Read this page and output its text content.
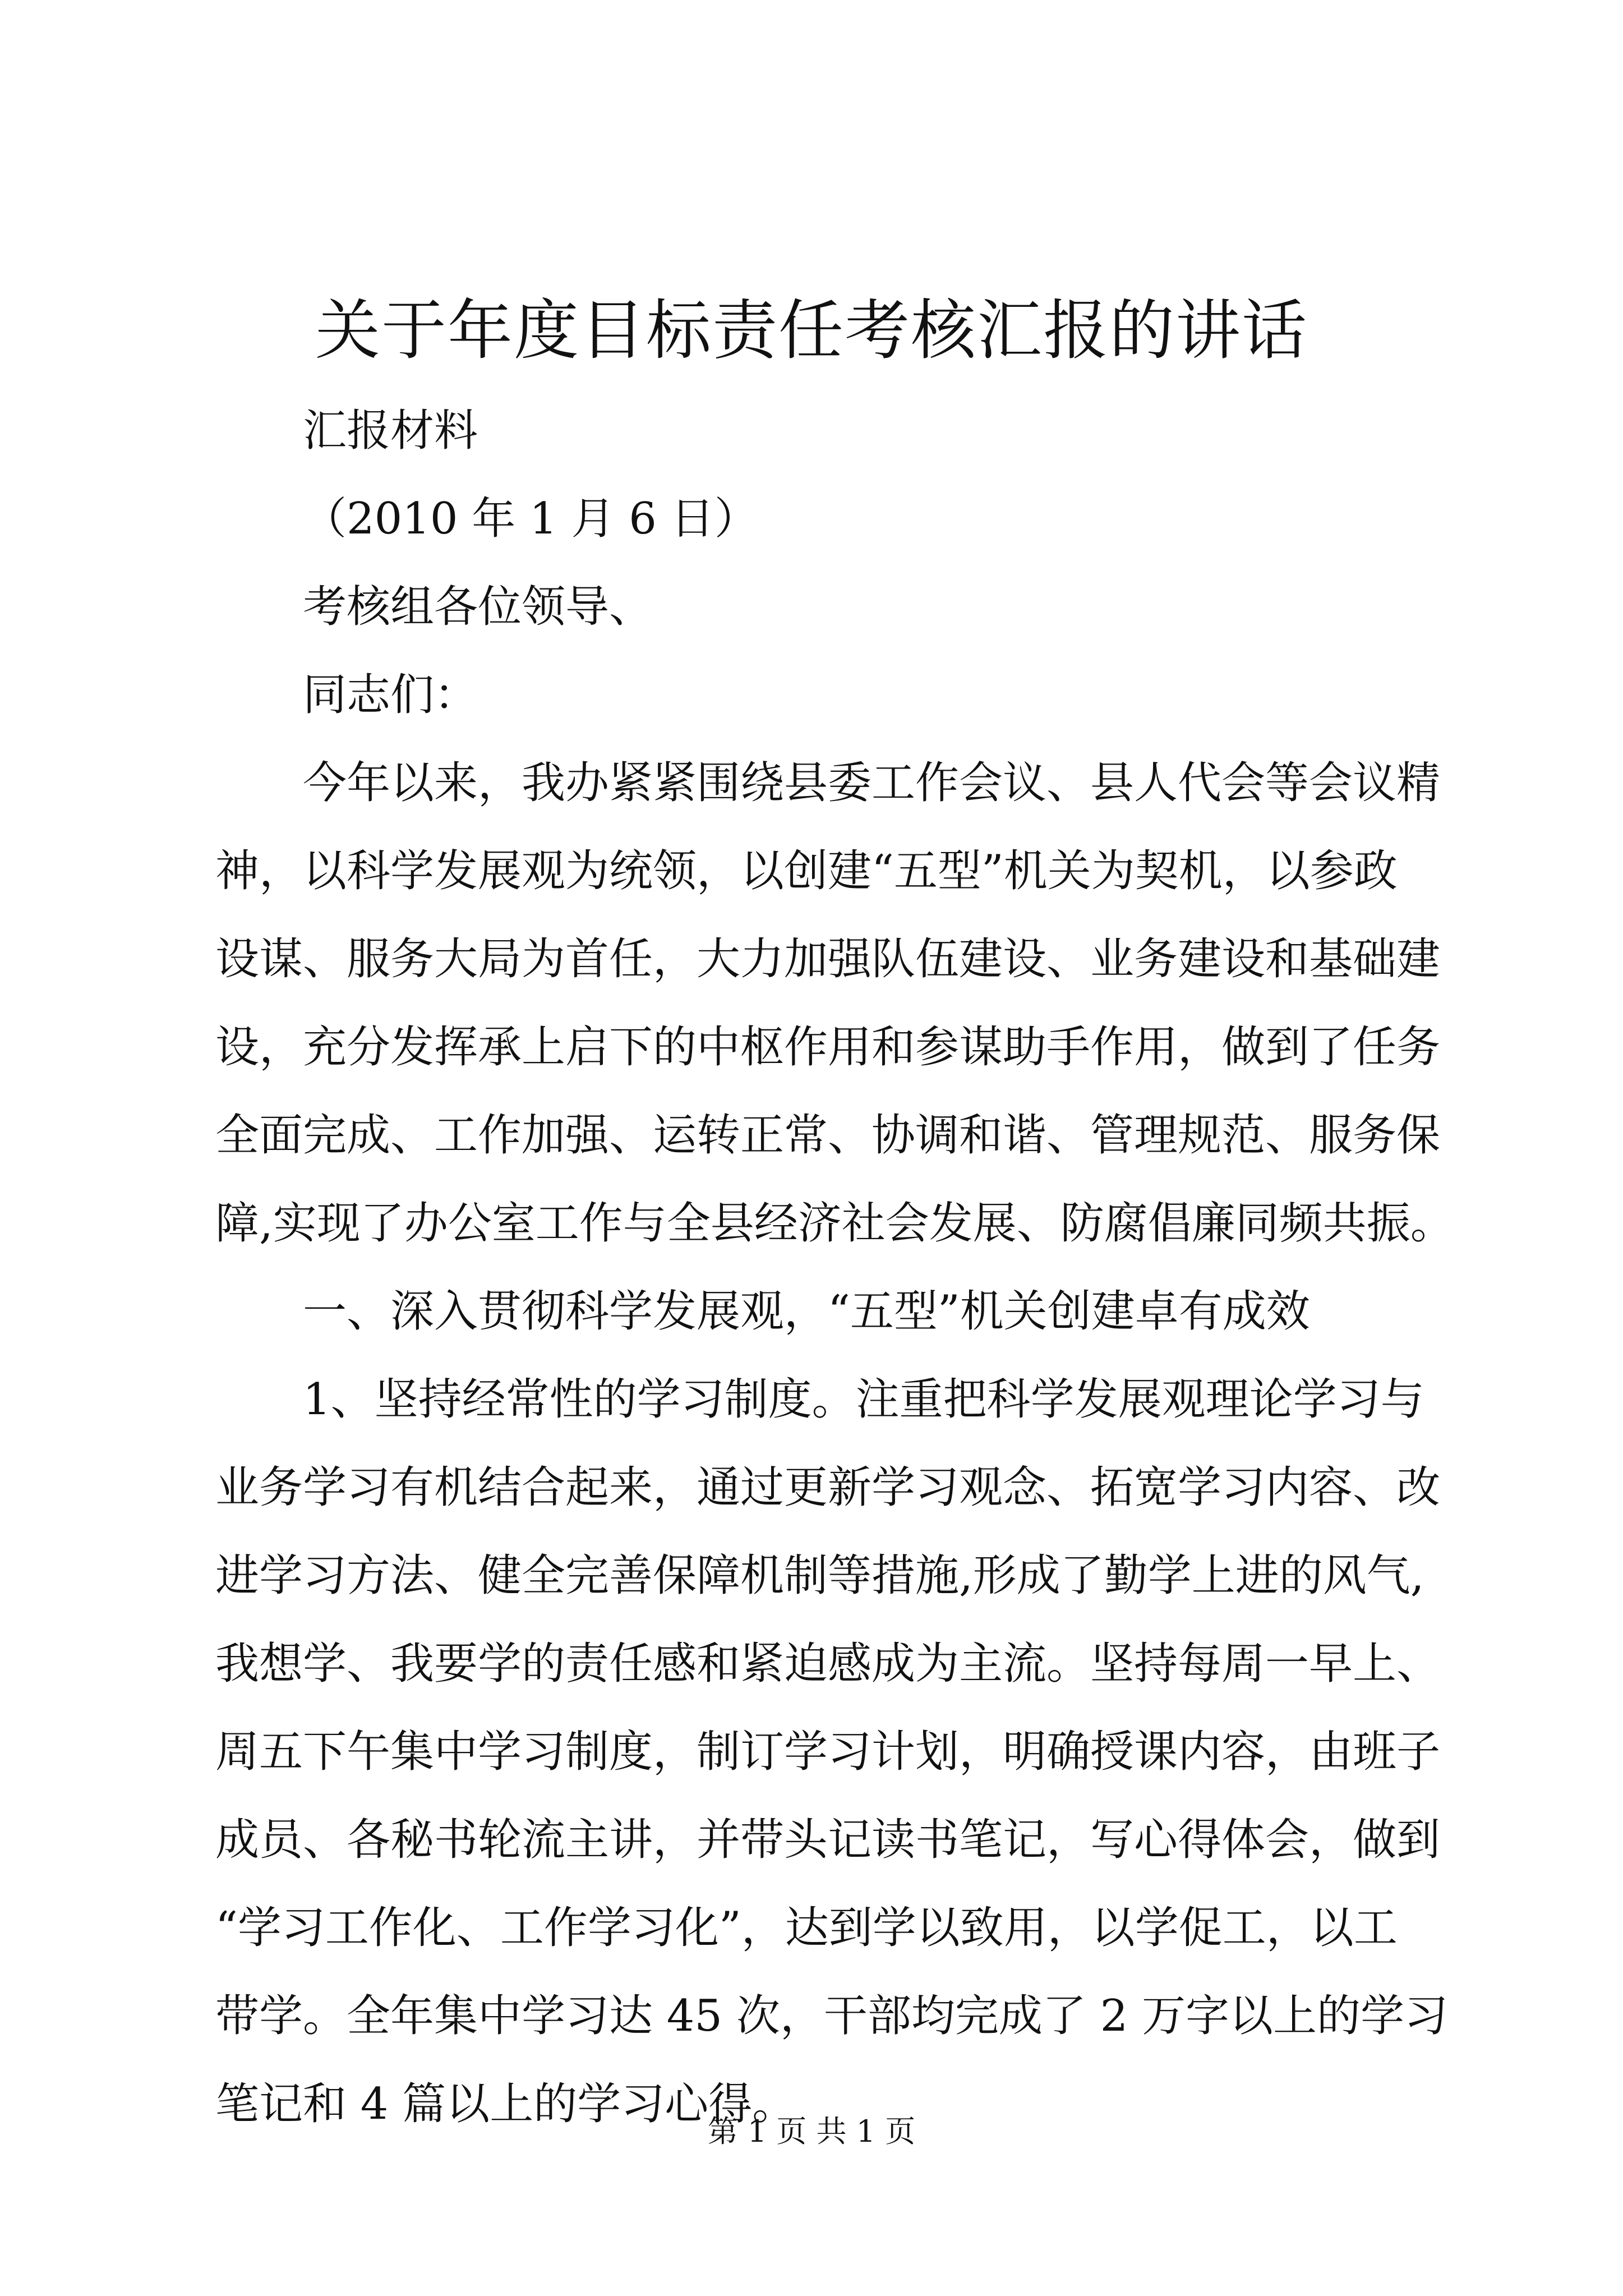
关于年度目标责任考核汇报的讲话
汇报材料
（2010 年 1 月 6 日）
考核组各位领导、
同志们：
今年以来，我办紧紧围绕县委工作会议、县人代会等会议精
神，以科学发展观为统领，以创建“五型”机关为契机，以参政
设谋、服务大局为首任，大力加强队伍建设、业务建设和基础建
设，充分发挥承上启下的中枢作用和参谋助手作用，做到了任务
全面完成、工作加强、运转正常、协调和谐、管理规范、服务保
障,实现了办公室工作与全县经济社会发展、防腐倡廉同频共振。
一、深入贯彻科学发展观，“五型”机关创建卓有成效
1、坚持经常性的学习制度。注重把科学发展观理论学习与
业务学习有机结合起来，通过更新学习观念、拓宽学习内容、改
进学习方法、健全完善保障机制等措施,形成了勤学上进的风气,
我想学、我要学的责任感和紧迫感成为主流。坚持每周一早上、
周五下午集中学习制度，制订学习计划，明确授课内容，由班子
成员、各秘书轮流主讲，并带头记读书笔记，写心得体会，做到
“学习工作化、工作学习化”，达到学以致用，以学促工，以工
带学。全年集中学习达 45 次，干部均完成了 2 万字以上的学习
笔记和 4 篇以上的学习心得。
第 1 页 共 1 页
